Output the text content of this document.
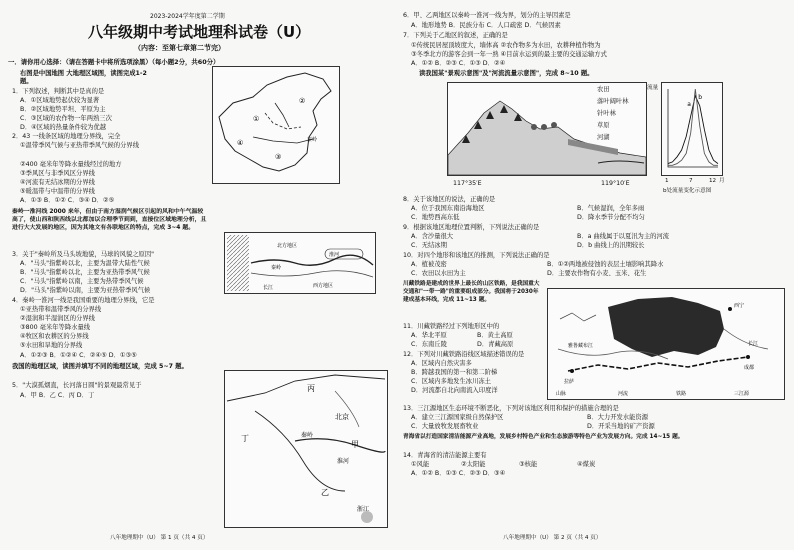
2023-2024学年度第二学期
八年级期中考试地理科试卷（U）
（内容：至第七章第二节完）
一．请你用心选择：（请在答题卡中将所选项涂黑）（每小题2分，共60分）
右图是中国地图 大地理区域图，读图完成1-2
题。
1．下列叙述，判断其中是真的是
A．①区域地势起伏较为显著
B．②区域地势平坦、平原为主
C．③区域的农作物一年两熟三次
D．④区域的热量条件较为优越
2．43 一线条区域的地理分界线，完全
①温带季风气候与亚热带季风气候的分界线
②400 毫米年等降水量线经过的地方
③季风区与非季风区分界线
④河流有无结冰期的分界线
⑤暖温带与中温带的分界线
A．①③ B．①② C．③④ D．②⑤
秦岭一淮河线 2000 来年，但由于南方湿润气候区引起的风和中午气温较高了，使山西和陕西线以北都加以合理季节到到，直接位区域地理分析，且进行大大发展的地区，因为其地文有各联地区的特点，完成 3~4 题。
3．关于"秦岭所及马头坡地貌，马球的风貌之原因"
A．"马头"指紫岭以北，主要为温带大陆性气候
B．"马头"指紫岭以北，主要为亚热带季风气候
C．"马头"指紫岭以南，主要为热带季风气候
D．"马头"指紫岭以南，主要为亚热带季风气候
4．秦岭一淮河一线是我国重要的地理分界线，它是
①亚热带和温带季风的分界线
②湿润和半湿润区的分界线
③800 毫米年等降水量线
④牧区和农耕区的分界线
⑤水田和旱地的分界线
A．①②③ B．①②④ C．②④⑤ D．①③⑤
我国的地理区域，读图并填写不同的地理区域，完成 5~7 题。
5．"大漠孤烟直，长河落日圆"的景观最常见于
A．甲 B．乙 C．丙 D．丁
①
②
③
④	秦岭
北方地区
西方地区
长江
秦岭
淮河
丙
丁
北京
秦岭
淮河
乙
甲
浙江
八年地理期中（U） 第 1 页（共 4 页）
6．甲、乙两地区以秦岭一淮河一线为界，划分的主导因素是
A．地形地势 B．民族分布 C．人口疏密 D．气候因素
7．下列关于乙地区的叙述，正确的是
①传统民居屋顶坡度大，墙体高 ②农作物多为水田，农耕种植作物为
③冬季北方的游客会到一年一熟 ④目前水运到的最主要的交通运输方式
A．①② B．②③ C．①③ D．②④
读我国某"景观示意图"及"河流流量示意图"，完成 8~10 题。
农田
落叶阔叶林
针叶林
草原
河湖
117°35′E	119°10′E
a
b
1	7	12 月
b处流量变化示意图
流量
8．关于该地区的说法，正确的是
A．位于我国东南沿海地区	B．气候湿润，全年多雨
C．地势西高东低	D．降水季节分配不均匀
9．根据该地区地理位置判断，下列说法正确的是
A．含沙量很大	B．a 曲线属于以夏汛为主的河流
C．无结冰期	D．b 曲线上的汛期较长
10．对四个地形和该地区的推测，下列说法正确的是
A．植被茂密	B．①②两地被侵蚀的表层土壤影响其降水
C．农田以水田为主	D．主要农作物有小麦、玉米、花生
川藏铁路是建成的世界上最长的山区铁路，是我国重大交通和"一带一路"的重要组成部分。我国将于2030年建成基本环线，完成 11~13 题。
11．川藏铁路经过下列地形区中的
A．华北平原	B．黄土高原
C．东南丘陵	D．青藏高原
12．下列对川藏铁路沿线区域描述错误的是
A．区域内自然灾害多
B．跨越我国的第一和第二阶梯
C．区域内多地发生冰川冻土
D．河流都自北向南流入印度洋
13．三江源地区生态环境不断恶化，下列对该地区利用和保护的措施合理的是
A．建立三江源国家级自然保护区	B．大力开发水能资源
C．大量放牧发展畜牧业	D．开采当地的矿产资源
青海省以打造国家清洁能源产业高地，发展乡村特色产业和生态旅游等特色产业为发展方向。完成 14~15 题。
14．青海省的清洁能源主要有
①风能	②太阳能	③核能	④煤炭
A．①② B．①③ C．②③ D．③④
拉萨
成都
西宁
长江
雅鲁藏布江
山脉	河流	铁路	三江源
八年地理期中（U） 第 2 页（共 4 页）
